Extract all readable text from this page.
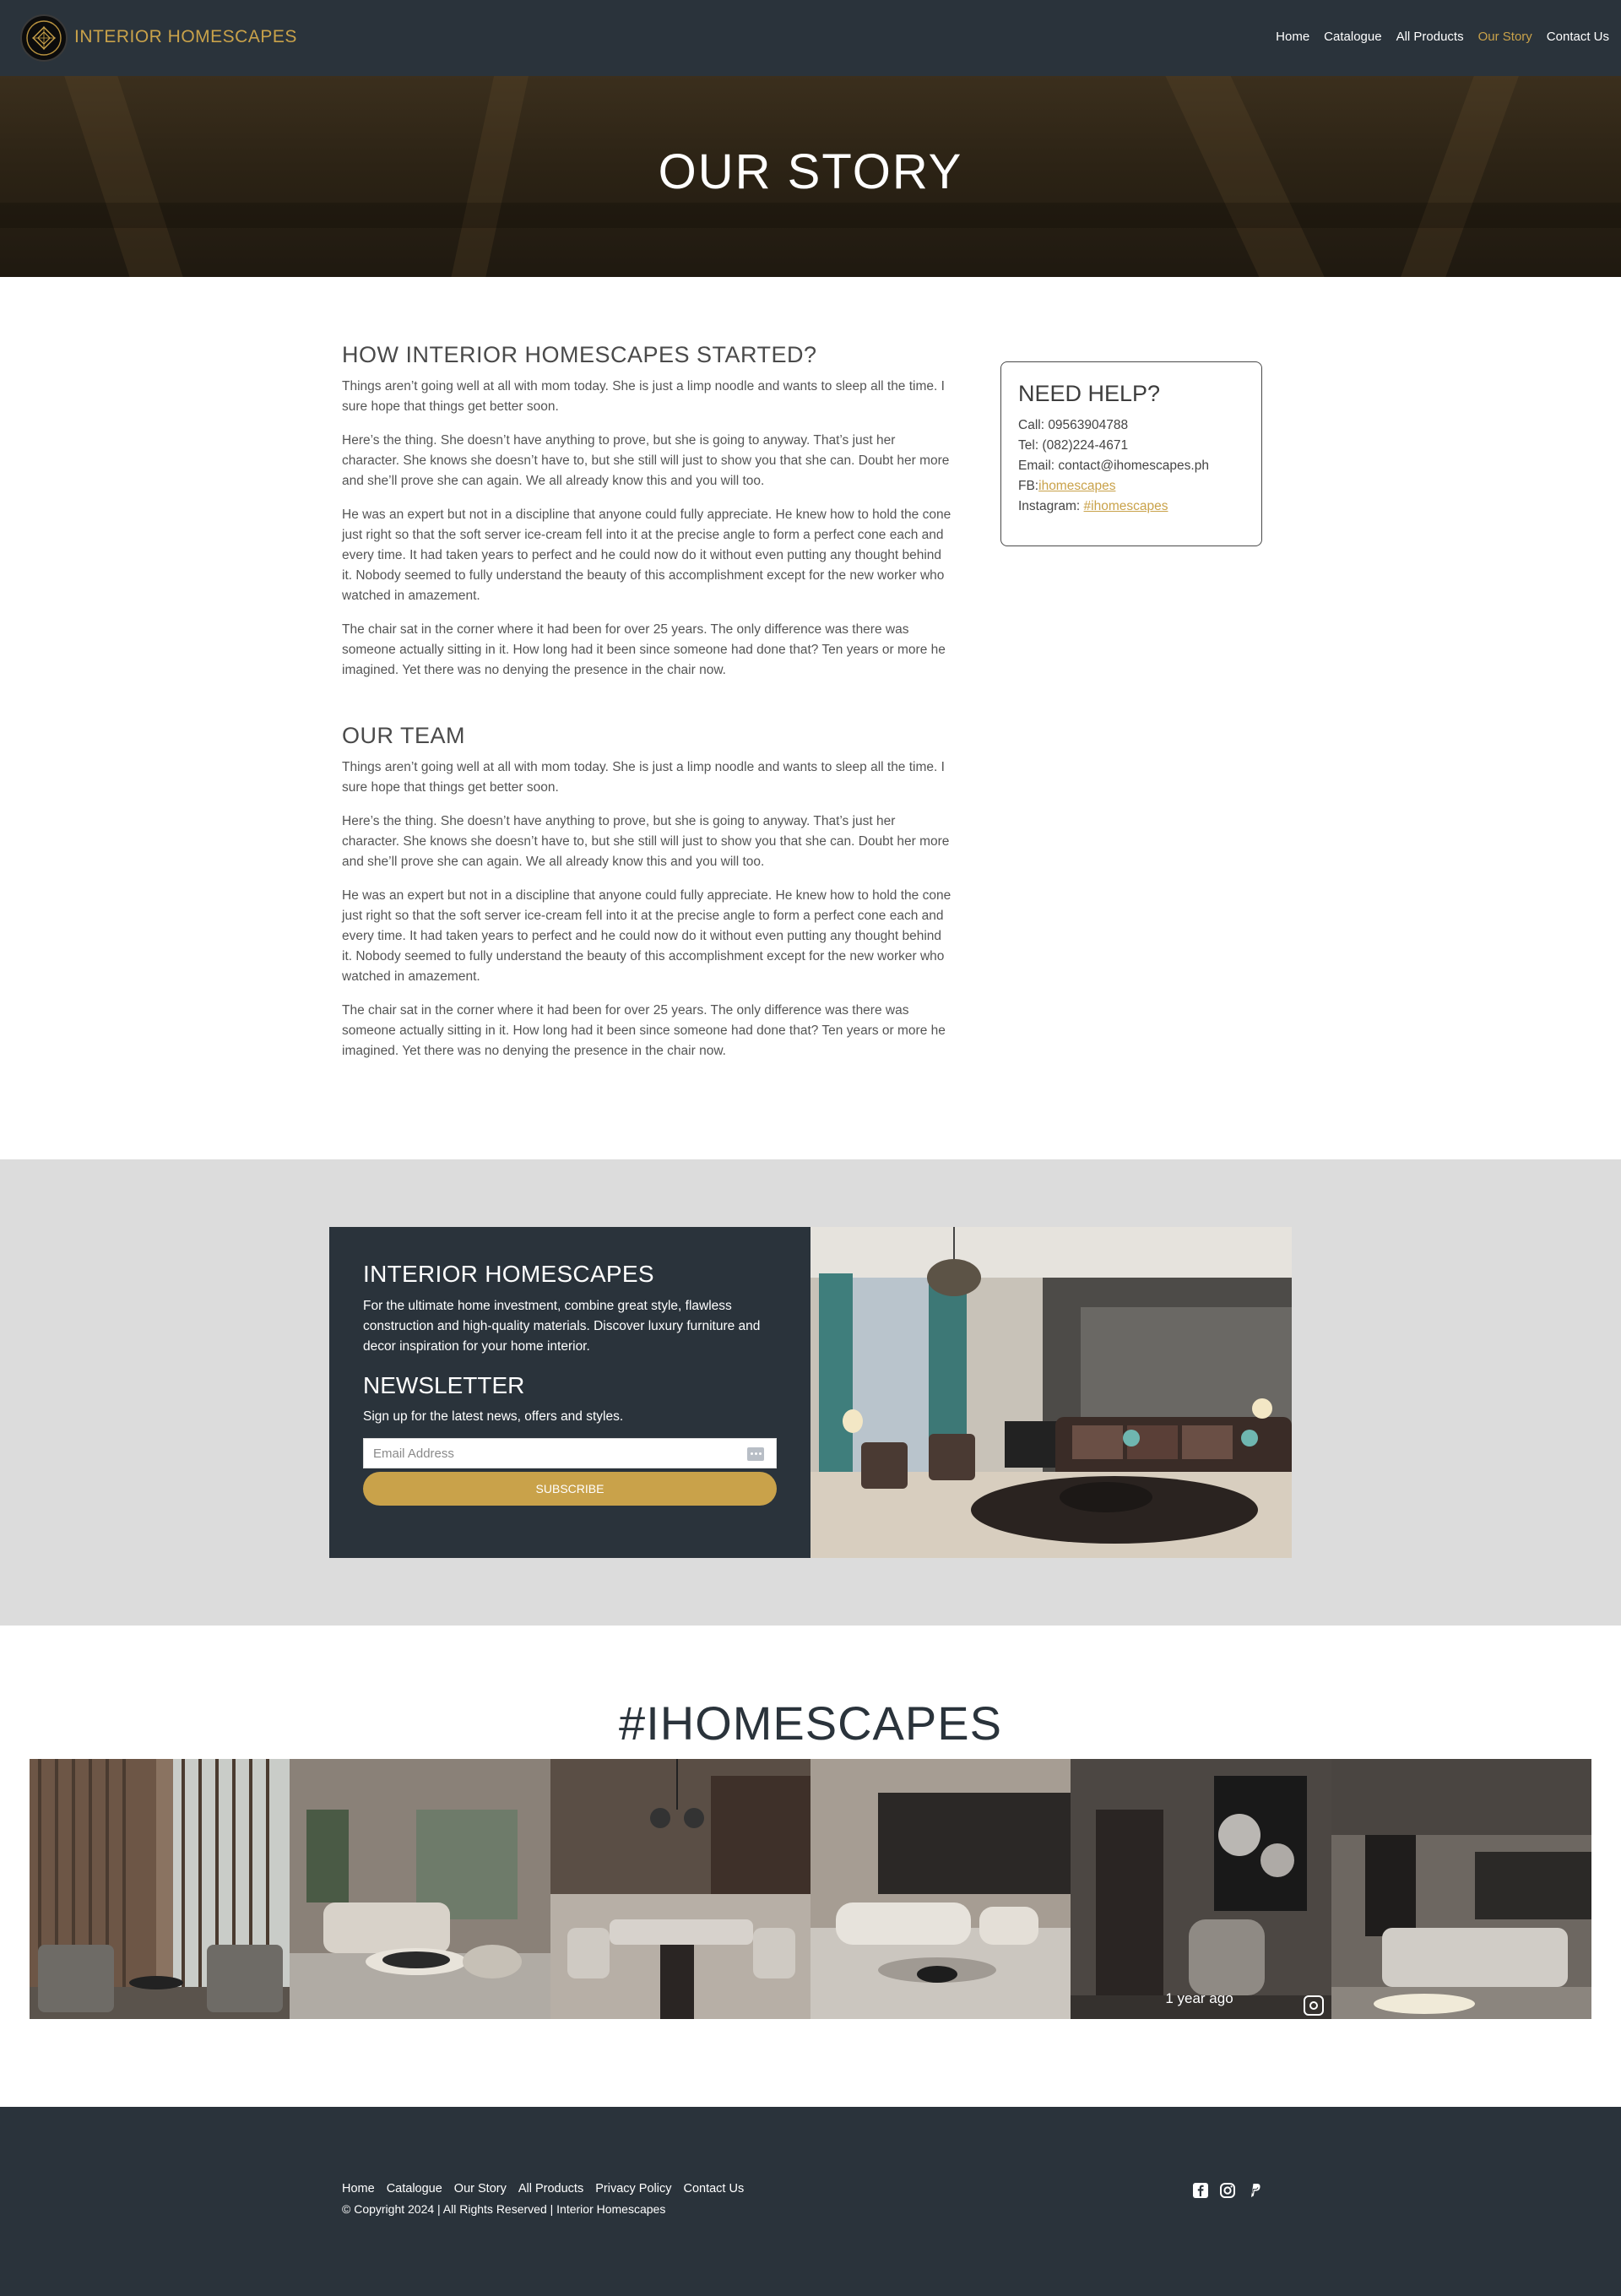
INTERIOR HOMESCAPES	Home Catalogue All Products Our Story Contact Us
OUR STORY
HOW INTERIOR HOMESCAPES STARTED?

Things aren’t going well at all with mom today. She is just a limp noodle and wants to sleep all the time. I sure hope that things get better soon.

Here’s the thing. She doesn’t have anything to prove, but she is going to anyway. That’s just her character. She knows she doesn’t have to, but she still will just to show you that she can. Doubt her more and she’ll prove she can again. We all already know this and you will too.

He was an expert but not in a discipline that anyone could fully appreciate. He knew how to hold the cone just right so that the soft server ice-cream fell into it at the precise angle to form a perfect cone each and every time. It had taken years to perfect and he could now do it without even putting any thought behind it. Nobody seemed to fully understand the beauty of this accomplishment except for the new worker who watched in amazement.

The chair sat in the corner where it had been for over 25 years. The only difference was there was someone actually sitting in it. How long had it been since someone had done that? Ten years or more he imagined. Yet there was no denying the presence in the chair now.

OUR TEAM

Things aren’t going well at all with mom today. She is just a limp noodle and wants to sleep all the time. I sure hope that things get better soon.

Here’s the thing. She doesn’t have anything to prove, but she is going to anyway. That’s just her character. She knows she doesn’t have to, but she still will just to show you that she can. Doubt her more and she’ll prove she can again. We all already know this and you will too.

He was an expert but not in a discipline that anyone could fully appreciate. He knew how to hold the cone just right so that the soft server ice-cream fell into it at the precise angle to form a perfect cone each and every time. It had taken years to perfect and he could now do it without even putting any thought behind it. Nobody seemed to fully understand the beauty of this accomplishment except for the new worker who watched in amazement.

The chair sat in the corner where it had been for over 25 years. The only difference was there was someone actually sitting in it. How long had it been since someone had done that? Ten years or more he imagined. Yet there was no denying the presence in the chair now.

NEED HELP?
Call: 09563904788
Tel: (082)224-4671
Email: contact@ihomescapes.ph
FB:ihomescapes
Instagram: #ihomescapes
INTERIOR HOMESCAPES

For the ultimate home investment, combine great style, flawless construction and high-quality materials. Discover luxury furniture and decor inspiration for your home interior.

NEWSLETTER

Sign up for the latest news, offers and styles.

Email Address
SUBSCRIBE
#IHOMESCAPES
1 year ago
Home Catalogue Our Story All Products Privacy Policy Contact Us
© Copyright 2024 | All Rights Reserved | Interior Homescapes
